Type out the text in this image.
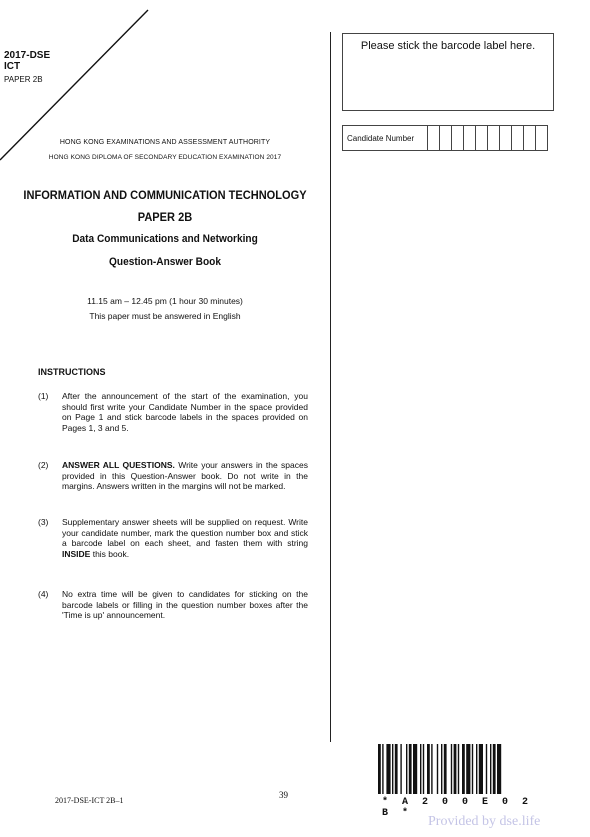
2017-DSE
ICT
PAPER 2B
HONG KONG EXAMINATIONS AND ASSESSMENT AUTHORITY
HONG KONG DIPLOMA OF SECONDARY EDUCATION EXAMINATION 2017
INFORMATION AND COMMUNICATION TECHNOLOGY
PAPER 2B
Data Communications and Networking
Question-Answer Book
11.15 am – 12.45 pm (1 hour 30 minutes)
This paper must be answered in English
INSTRUCTIONS
(1) After the announcement of the start of the examination, you should first write your Candidate Number in the space provided on Page 1 and stick barcode labels in the spaces provided on Pages 1, 3 and 5.
(2) ANSWER ALL QUESTIONS. Write your answers in the spaces provided in this Question-Answer book. Do not write in the margins. Answers written in the margins will not be marked.
(3) Supplementary answer sheets will be supplied on request. Write your candidate number, mark the question number box and stick a barcode label on each sheet, and fasten them with string INSIDE this book.
(4) No extra time will be given to candidates for sticking on the barcode labels or filling in the question number boxes after the 'Time is up' announcement.
Please stick the barcode label here.
Candidate Number
2017-DSE-ICT 2B–1
39
* A 2 0 0 E 0 2 B *
Provided by dse.life
